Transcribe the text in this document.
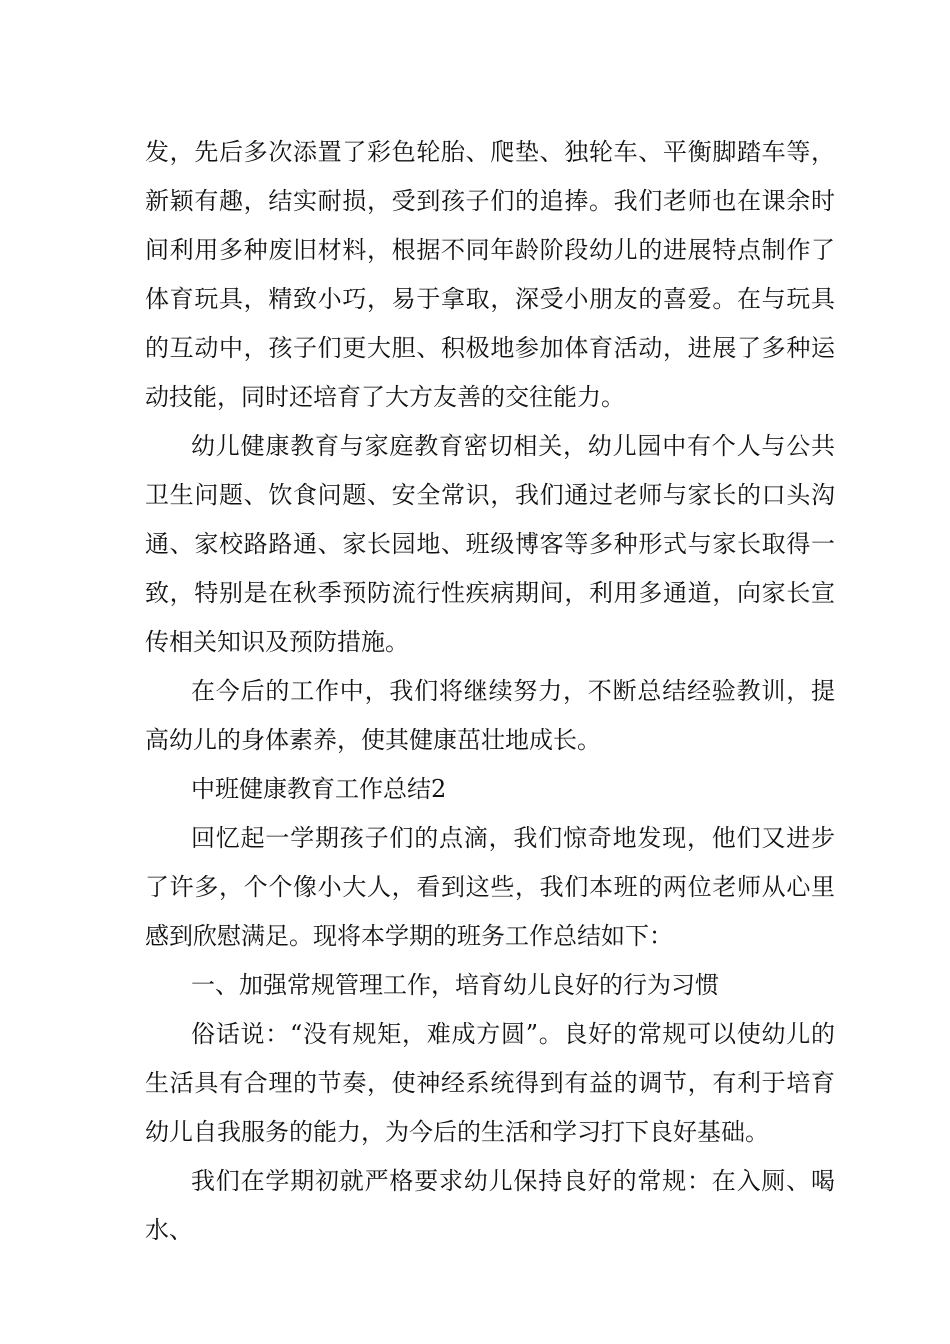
发，先后多次添置了彩色轮胎、爬垫、独轮车、平衡脚踏车等，新颖有趣，结实耐损，受到孩子们的追捧。我们老师也在课余时间利用多种废旧材料，根据不同年龄阶段幼儿的进展特点制作了体育玩具，精致小巧，易于拿取，深受小朋友的喜爱。在与玩具的互动中，孩子们更大胆、积极地参加体育活动，进展了多种运动技能，同时还培育了大方友善的交往能力。

幼儿健康教育与家庭教育密切相关，幼儿园中有个人与公共卫生问题、饮食问题、安全常识，我们通过老师与家长的口头沟通、家校路路通、家长园地、班级博客等多种形式与家长取得一致，特别是在秋季预防流行性疾病期间，利用多通道，向家长宣传相关知识及预防措施。

在今后的工作中，我们将继续努力，不断总结经验教训，提高幼儿的身体素养，使其健康茁壮地成长。

中班健康教育工作总结2

回忆起一学期孩子们的点滴，我们惊奇地发现，他们又进步了许多，个个像小大人，看到这些，我们本班的两位老师从心里感到欣慰满足。现将本学期的班务工作总结如下：

一、加强常规管理工作，培育幼儿良好的行为习惯

俗话说：“没有规矩，难成方圆”。良好的常规可以使幼儿的生活具有合理的节奏，使神经系统得到有益的调节，有利于培育幼儿自我服务的能力，为今后的生活和学习打下良好基础。

我们在学期初就严格要求幼儿保持良好的常规：在入厕、喝水、
